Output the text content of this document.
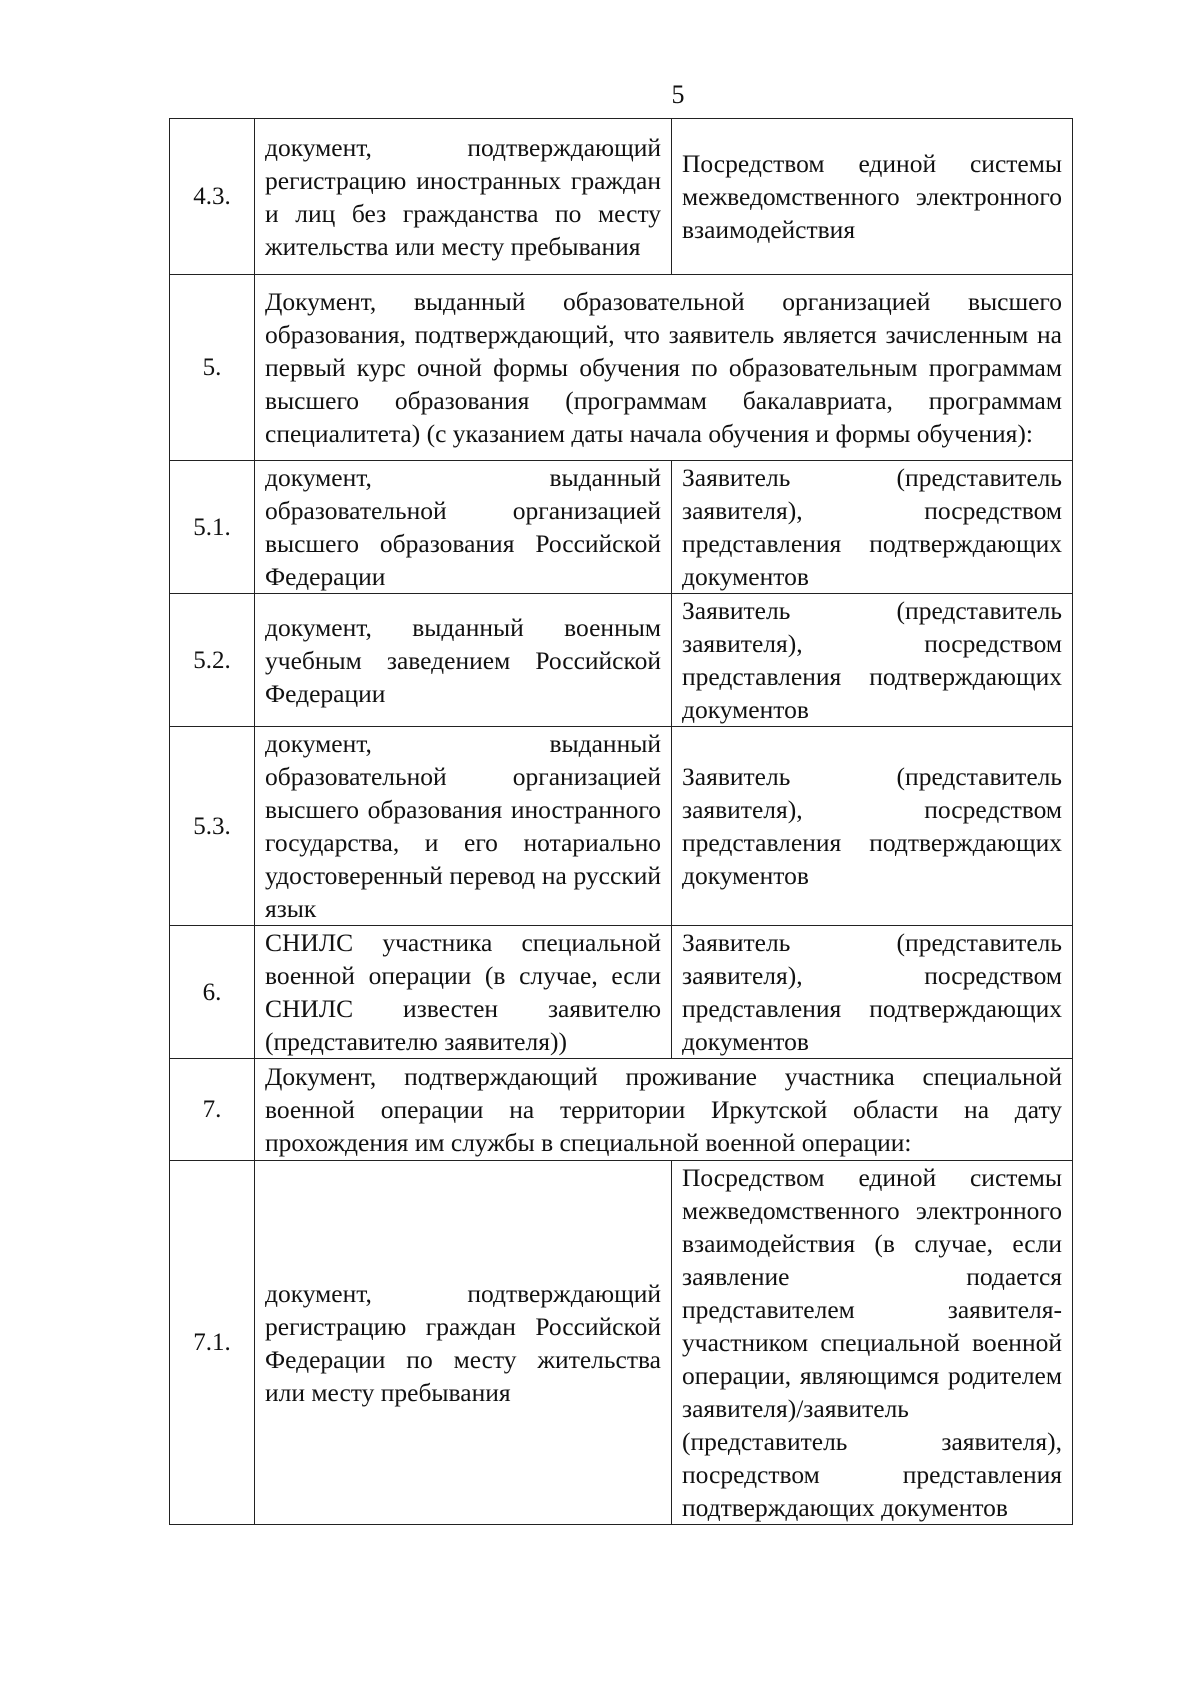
5
4.3.	документ, подтверждающий регистрацию иностранных граждан и лиц без гражданства по месту жительства или месту пребывания	Посредством единой системы межведомственного электронного взаимодействия
5.	Документ, выданный образовательной организацией высшего образования, подтверждающий, что заявитель является зачисленным на первый курс очной формы обучения по образовательным программам высшего образования (программам бакалавриата, программам специалитета) (с указанием даты начала обучения и формы обучения):	
5.1.	документ, выданный образовательной организацией высшего образования Российской Федерации	Заявитель (представитель заявителя), посредством представления подтверждающих документов
5.2.	документ, выданный военным учебным заведением Российской Федерации	Заявитель (представитель заявителя), посредством представления подтверждающих документов
5.3.	документ, выданный образовательной организацией высшего образования иностранного государства, и его нотариально удостоверенный перевод на русский язык	Заявитель (представитель заявителя), посредством представления подтверждающих документов
6.	СНИЛС участника специальной военной операции (в случае, если СНИЛС известен заявителю (представителю заявителя))	Заявитель (представитель заявителя), посредством представления подтверждающих документов
7.	Документ, подтверждающий проживание участника специальной военной операции на территории Иркутской области на дату прохождения им службы в специальной военной операции:	
7.1.	документ, подтверждающий регистрацию граждан Российской Федерации по месту жительства или месту пребывания	Посредством единой системы межведомственного электронного взаимодействия (в случае, если заявление подается представителем заявителя-участником специальной военной операции, являющимся родителем заявителя)/заявитель (представитель заявителя), посредством представления подтверждающих документов
